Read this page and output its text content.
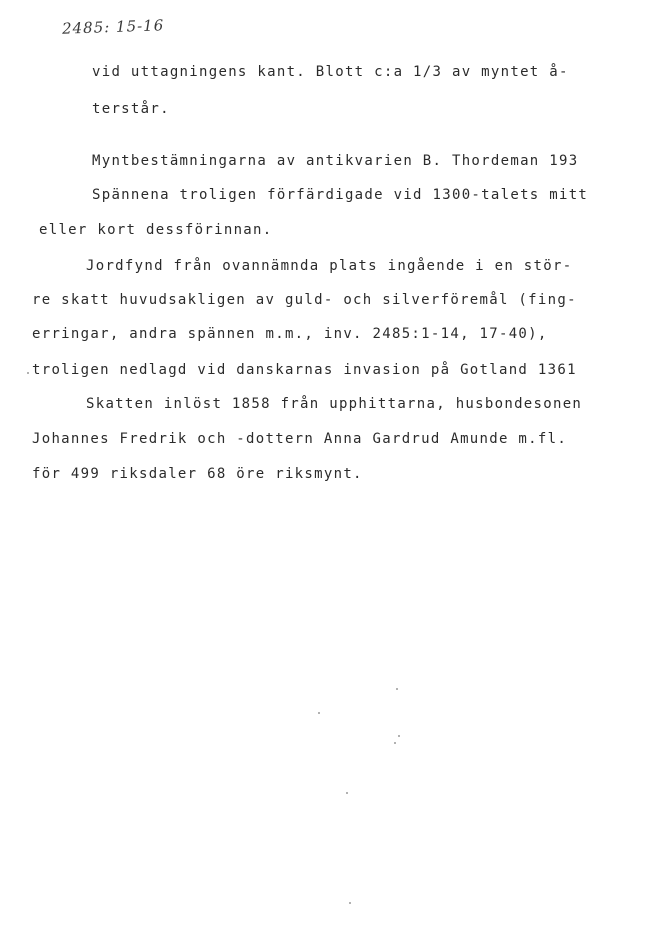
2485: 15-16
vid uttagningens kant. Blott c:a 1/3 av myntet å-
terstår.
Myntbestämningarna av antikvarien B. Thordeman 193
Spännena troligen förfärdigade vid 1300-talets mitt
eller kort dessförinnan.
Jordfynd från ovannämnda plats ingående i en stör-
re skatt huvudsakligen av guld- och silverföremål (fing-
erringar, andra spännen m.m., inv. 2485:1-14, 17-40),
troligen nedlagd vid danskarnas invasion på Gotland 1361
Skatten inlöst 1858 från upphittarna, husbondesonen
Johannes Fredrik och -dottern Anna Gardrud Amunde m.fl.
för 499 riksdaler 68 öre riksmynt.
